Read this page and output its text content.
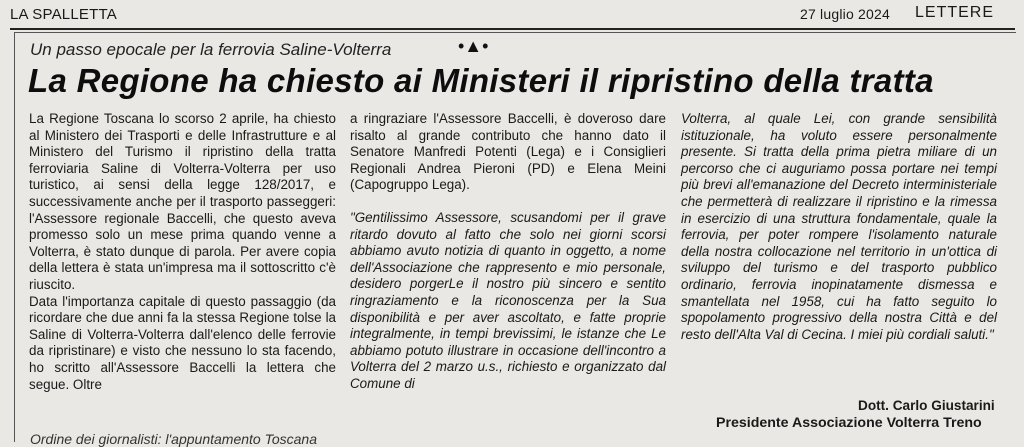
LA SPALLETTA	27 luglio 2024 LETTERE
Un passo epocale per la ferrovia Saline-Volterra	•▲•
La Regione ha chiesto ai Ministeri il ripristino della tratta

La Regione Toscana lo scorso 2 aprile, ha chiesto al Ministero dei Trasporti e delle Infrastrutture e al Ministero del Turismo il ripristino della tratta ferroviaria Saline di Volterra-Volterra per uso turistico, ai sensi della legge 128/2017, e successivamente anche per il trasporto passeggeri: l'Assessore regionale Baccelli, che questo aveva promesso solo un mese prima quando venne a Volterra, è stato dunque di parola. Per avere copia della lettera è stata un'impresa ma il sottoscritto c'è riuscito.

Data l'importanza capitale di questo passaggio (da ricordare che due anni fa la stessa Regione tolse la Saline di Volterra-Volterra dall'elenco delle ferrovie da ripristinare) e visto che nessuno lo sta facendo, ho scritto all'Assessore Baccelli la lettera che segue. Oltre

a ringraziare l'Assessore Baccelli, è doveroso dare risalto al grande contributo che hanno dato il Senatore Manfredi Potenti (Lega) e i Consiglieri Regionali Andrea Pieroni (PD) e Elena Meini (Capogruppo Lega).

"Gentilissimo Assessore, scusandomi per il grave ritardo dovuto al fatto che solo nei giorni scorsi abbiamo avuto notizia di quanto in oggetto, a nome dell'Associazione che rappresento e mio personale, desidero porgerLe il nostro più sincero e sentito ringraziamento e la riconoscenza per la Sua disponibilità e per aver ascoltato, e fatte proprie integralmente, in tempi brevissimi, le istanze che Le abbiamo potuto illustrare in occasione dell'incontro a Volterra del 2 marzo u.s., richiesto e organizzato dal Comune di

Volterra, al quale Lei, con grande sensibilità istituzionale, ha voluto essere personalmente presente. Si tratta della prima pietra miliare di un percorso che ci auguriamo possa portare nei tempi più brevi all'emanazione del Decreto interministeriale che permetterà di realizzare il ripristino e la rimessa in esercizio di una struttura fondamentale, quale la ferrovia, per poter rompere l'isolamento naturale della nostra collocazione nel territorio in un'ottica di sviluppo del turismo e del trasporto pubblico ordinario, ferrovia inopinatamente dismessa e smantellata nel 1958, cui ha fatto seguito lo spopolamento progressivo della nostra Città e del resto dell'Alta Val di Cecina. I miei più cordiali saluti."

Dott. Carlo Giustarini
Presidente Associazione Volterra Treno
Ordine dei giornalisti: l'appuntamento Toscana
